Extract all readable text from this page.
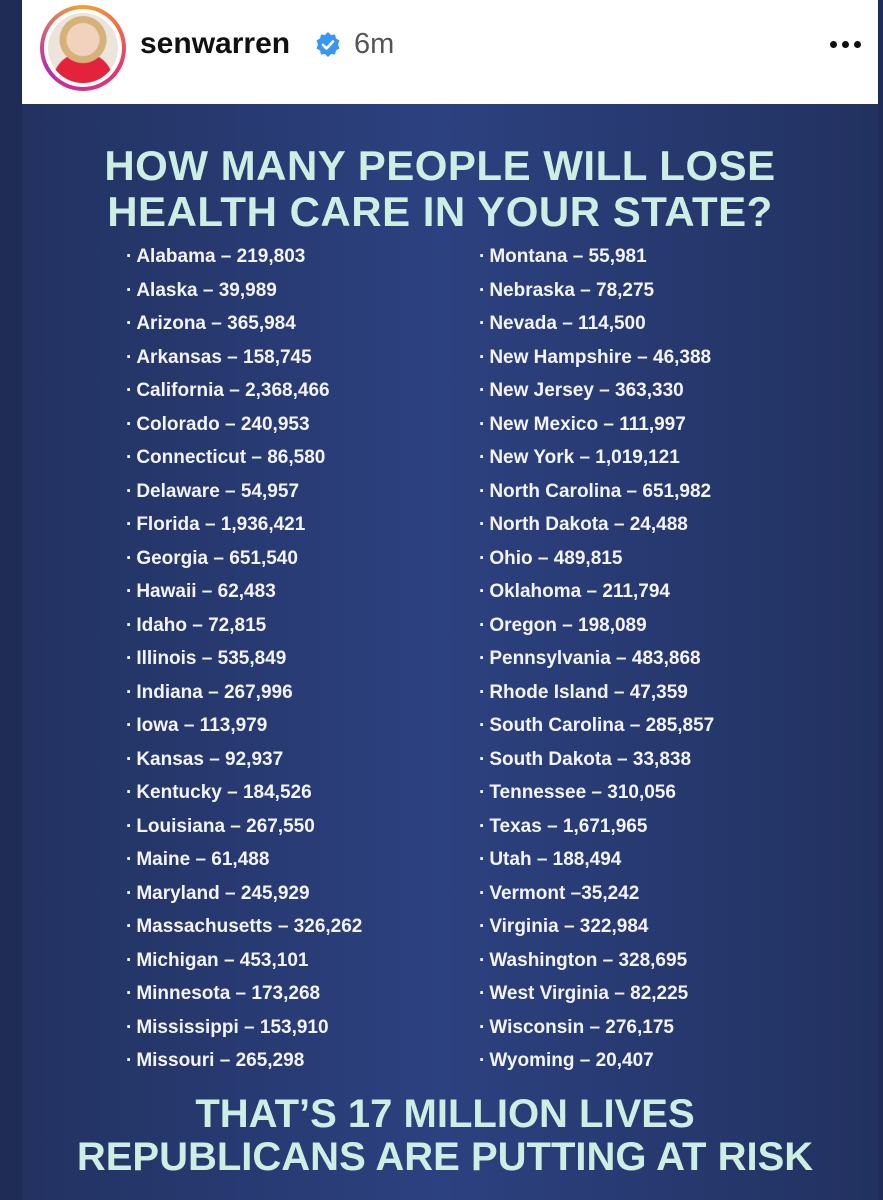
senwarren 6m
HOW MANY PEOPLE WILL LOSE
HEALTH CARE IN YOUR STATE?
· Alabama – 219,803
· Alaska – 39,989
· Arizona – 365,984
· Arkansas – 158,745
· California – 2,368,466
· Colorado – 240,953
· Connecticut – 86,580
· Delaware – 54,957
· Florida – 1,936,421
· Georgia – 651,540
· Hawaii – 62,483
· Idaho – 72,815
· Illinois – 535,849
· Indiana – 267,996
· Iowa – 113,979
· Kansas – 92,937
· Kentucky – 184,526
· Louisiana – 267,550
· Maine – 61,488
· Maryland – 245,929
· Massachusetts – 326,262
· Michigan – 453,101
· Minnesota – 173,268
· Mississippi – 153,910
· Missouri – 265,298
· Montana – 55,981
· Nebraska – 78,275
· Nevada – 114,500
· New Hampshire – 46,388
· New Jersey – 363,330
· New Mexico – 111,997
· New York – 1,019,121
· North Carolina – 651,982
· North Dakota – 24,488
· Ohio – 489,815
· Oklahoma – 211,794
· Oregon – 198,089
· Pennsylvania – 483,868
· Rhode Island – 47,359
· South Carolina – 285,857
· South Dakota – 33,838
· Tennessee – 310,056
· Texas – 1,671,965
· Utah – 188,494
· Vermont –35,242
· Virginia – 322,984
· Washington – 328,695
· West Virginia – 82,225
· Wisconsin – 276,175
· Wyoming – 20,407
THAT’S 17 MILLION LIVES
REPUBLICANS ARE PUTTING AT RISK
